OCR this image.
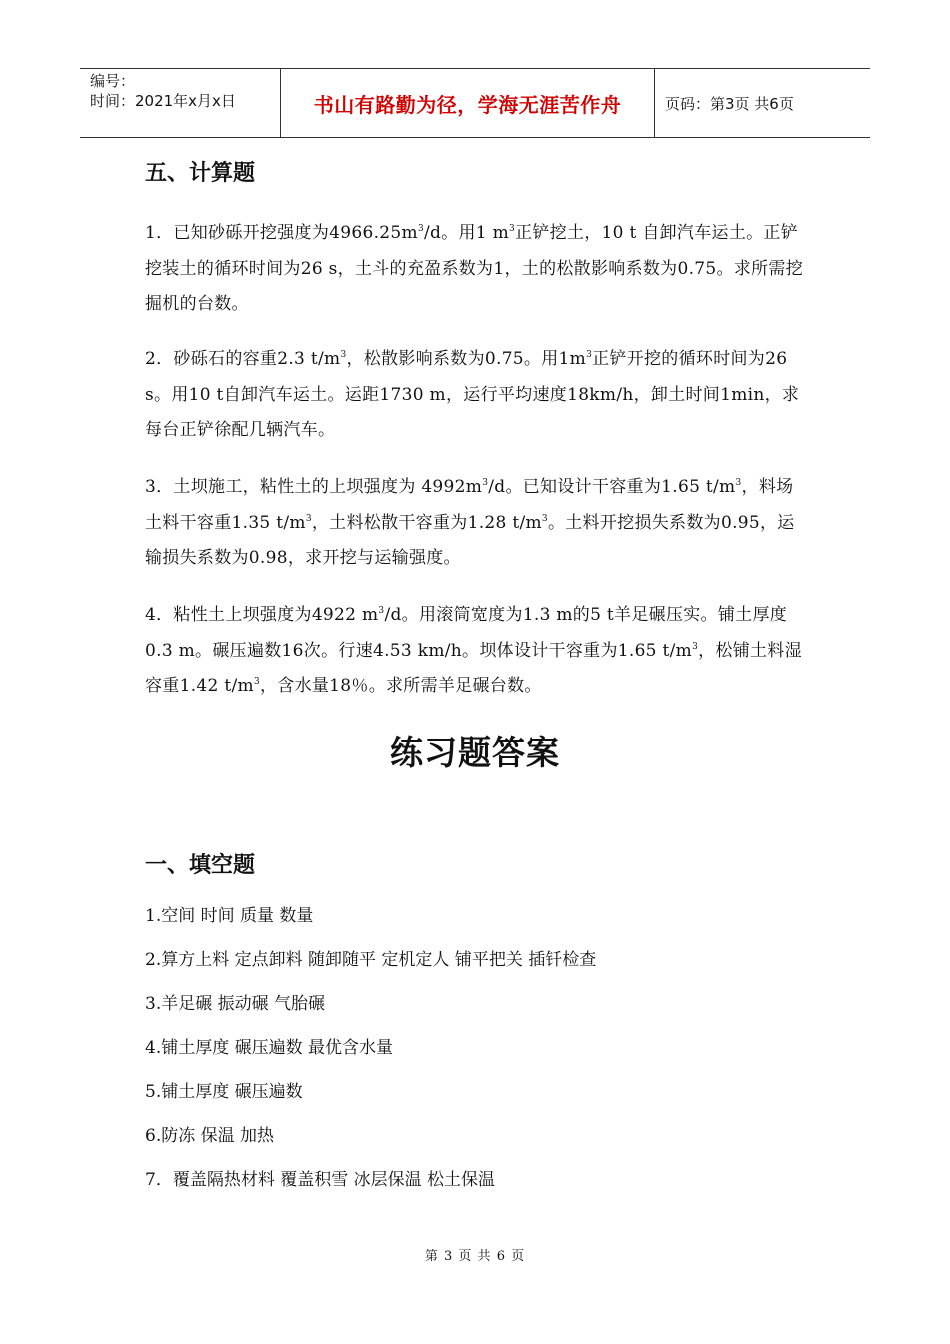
编号：
时间：2021年x月x日	书山有路勤为径，学海无涯苦作舟	页码：第3页 共6页
五、计算题

1．已知砂砾开挖强度为$4966.25m^3/d$。用1 $m^3$正铲挖土，10 t 自卸汽车运土。正铲挖装土的循环时间为26 s，土斗的充盈系数为1，土的松散影响系数为0.75。求所需挖掘机的台数。

2．砂砾石的容重2.3 $t/m^3$，松散影响系数为0.75。用$1m^3$正铲开挖的循环时间为26 s。用10 t自卸汽车运土。运距1730 m，运行平均速度18km/h，卸土时间1min，求每台正铲徐配几辆汽车。

3．土坝施工，粘性土的上坝强度为 $4992m^3/d$。已知设计干容重为1.65 $t/m^3$，料场土料干容重1.35 $t/m^3$，土料松散干容重为1.28 $t/m^3$。土料开挖损失系数为0.95，运输损失系数为0.98，求开挖与运输强度。

4．粘性土上坝强度为4922 $m^3/d$。用滚筒宽度为1.3 m的5 t羊足碾压实。铺土厚度0.3 m。碾压遍数16次。行速4.53 km/h。坝体设计干容重为1.65 $t/m^3$，松铺土料湿容重1.42 $t/m^3$，含水量18％。求所需羊足碾台数。

练习题答案
一、填空题
1.空间 时间 质量 数量
2.算方上料 定点卸料 随卸随平 定机定人 铺平把关 插钎检查
3.羊足碾 振动碾 气胎碾
4.铺土厚度 碾压遍数 最优含水量
5.铺土厚度 碾压遍数
6.防冻 保温 加热
7．覆盖隔热材料 覆盖积雪 冰层保温 松土保温
第 3 页 共 6 页
